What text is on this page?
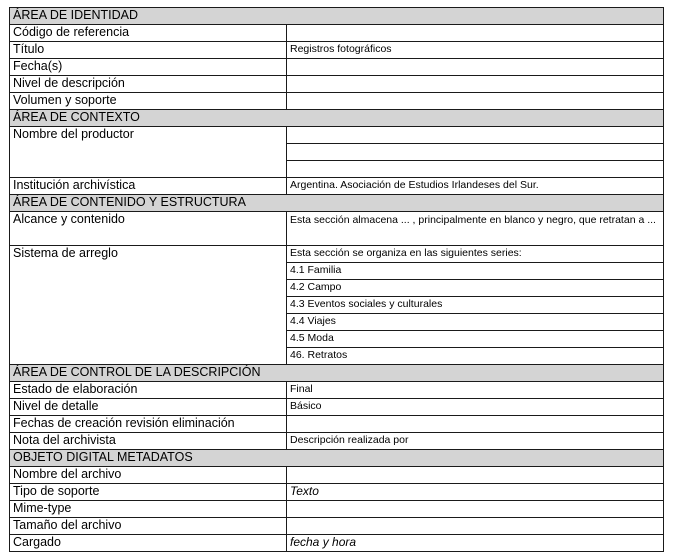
ÁREA DE IDENTIDAD	
Código de referencia	
Título	Registros fotográficos
Fecha(s)	
Nivel de descripción	
Volumen y soporte	
ÁREA DE CONTEXTO	
Nombre del productor	

Institución archivística	Argentina. Asociación de Estudios Irlandeses del Sur.
ÁREA DE CONTENIDO Y ESTRUCTURA	
Alcance y contenido	Esta sección almacena ... , principalmente en blanco y negro, que retratan a ...
Sistema de arreglo	Esta sección se organiza en las siguientes series:
	4.1 Familia
	4.2 Campo
	4.3 Eventos sociales y culturales
	4.4 Viajes
	4.5 Moda
	46. Retratos
ÁREA DE CONTROL DE LA DESCRIPCIÓN	
Estado de elaboración	Final
Nivel de detalle	Básico
Fechas de creación revisión eliminación	
Nota del archivista	Descripción realizada por
OBJETO DIGITAL METADATOS	
Nombre del archivo	
Tipo de soporte	Texto
Mime-type	
Tamaño del archivo	
Cargado	fecha y hora
